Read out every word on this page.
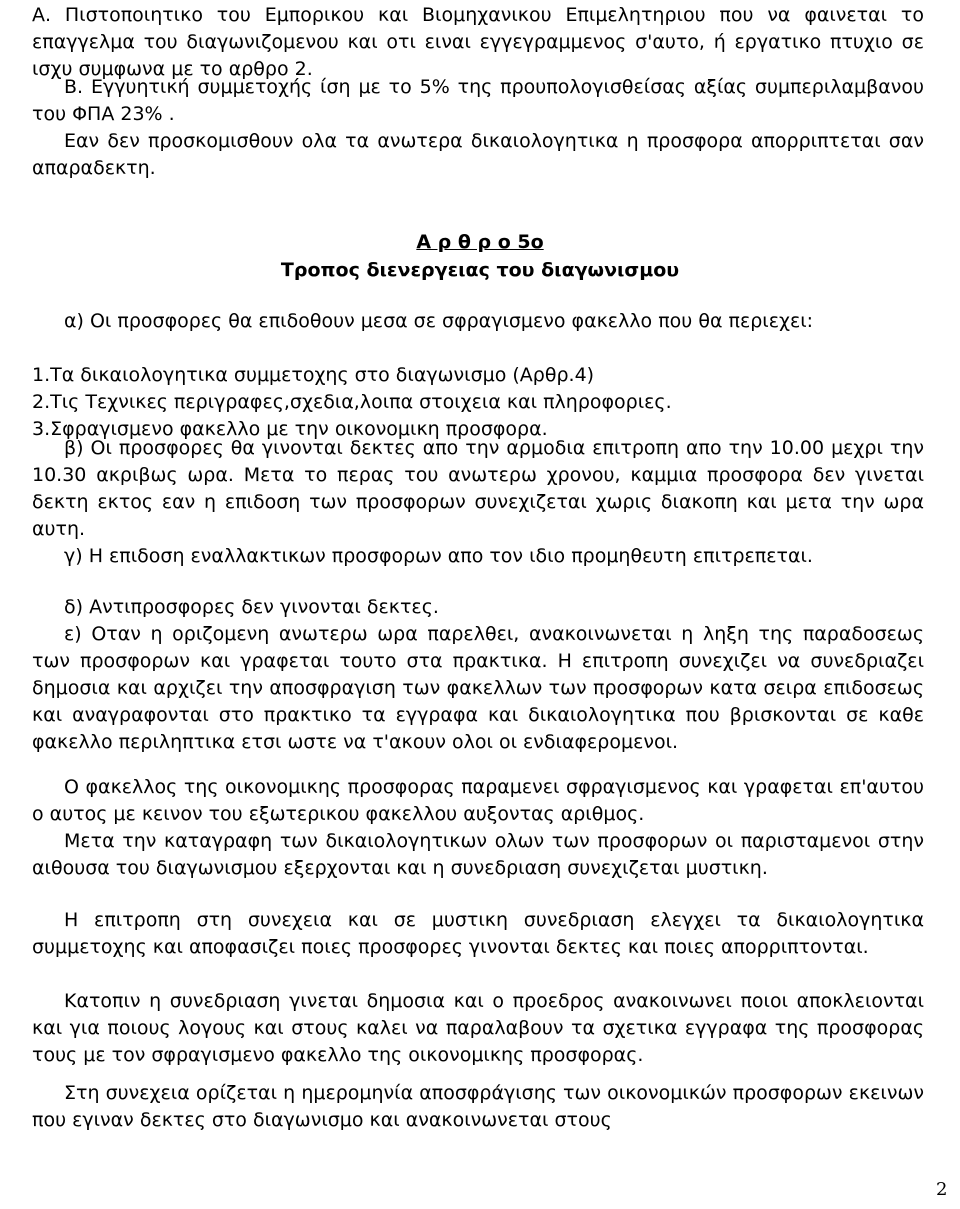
Α. Πιστοποιητικο του Εμπορικου και Βιομηχανικου Επιμελητηριου που να φαινεται το επαγγελμα του διαγωνιζομενου και οτι ειναι εγγεγραμμενος σ'αυτο, ή εργατικο πτυχιο σε ισχυ συμφωνα με το αρθρο 2.

Β. Εγγυητική συμμετοχής ίση με το 5% της προυπολογισθείσας αξίας συμπεριλαμβανου του ΦΠΑ 23% .

Εαν δεν προσκομισθουν ολα τα ανωτερα δικαιολογητικα η προσφορα απορριπτεται σαν απαραδεκτη.

Α ρ θ ρ ο 5ο

Τροπος διενεργειας του διαγωνισμου

α) Οι προσφορες θα επιδοθουν μεσα σε σφραγισμενο φακελλο που θα περιεχει:

1.Τα δικαιολογητικα συμμετοχης στο διαγωνισμο (Αρθρ.4)

2.Τις Τεχνικες περιγραφες,σχεδια,λοιπα στοιχεια και πληροφοριες.

3.Σφραγισμενο φακελλο με την οικονομικη προσφορα.

β) Οι προσφορες θα γινονται δεκτες απο την αρμοδια επιτροπη απο την 10.00 μεχρι την 10.30 ακριβως ωρα. Μετα το περας του ανωτερω χρονου, καμμια προσφορα δεν γινεται δεκτη εκτος εαν η επιδοση των προσφορων συνεχιζεται χωρις διακοπη και μετα την ωρα αυτη.

γ) Η επιδοση εναλλακτικων προσφορων απο τον ιδιο προμηθευτη επιτρεπεται.

δ) Αντιπροσφορες δεν γινονται δεκτες.

ε) Οταν η οριζομενη ανωτερω ωρα παρελθει, ανακοινωνεται η ληξη της παραδοσεως των προσφορων και γραφεται τουτο στα πρακτικα. Η επιτροπη συνεχιζει να συνεδριαζει δημοσια και αρχιζει την αποσφραγιση των φακελλων των προσφορων κατα σειρα επιδοσεως και αναγραφονται στο πρακτικο τα εγγραφα και δικαιολογητικα που βρισκονται σε καθε φακελλο περιληπτικα ετσι ωστε να τ'ακουν ολοι οι ενδιαφερομενοι.

Ο φακελλος της οικονομικης προσφορας παραμενει σφραγισμενος και γραφεται επ'αυτου ο αυτος με κεινον του εξωτερικου φακελλου αυξοντας αριθμος.

Μετα την καταγραφη των δικαιολογητικων ολων των προσφορων οι παρισταμενοι στην αιθουσα του διαγωνισμου εξερχονται και η συνεδριαση συνεχιζεται μυστικη.

Η επιτροπη στη συνεχεια και σε μυστικη συνεδριαση ελεγχει τα δικαιολογητικα συμμετοχης και αποφασιζει ποιες προσφορες γινονται δεκτες και ποιες απορριπτονται.

Κατοπιν η συνεδριαση γινεται δημοσια και ο προεδρος ανακοινωνει ποιοι αποκλειονται και για ποιους λογους και στους καλει να παραλαβουν τα σχετικα εγγραφα της προσφορας τους με τον σφραγισμενο φακελλο της οικονομικης προσφορας.

Στη συνεχεια ορίζεται η ημερομηνία αποσφράγισης των οικονομικών προσφορων εκεινων που εγιναν δεκτες στο διαγωνισμο και ανακοινωνεται στους

2
